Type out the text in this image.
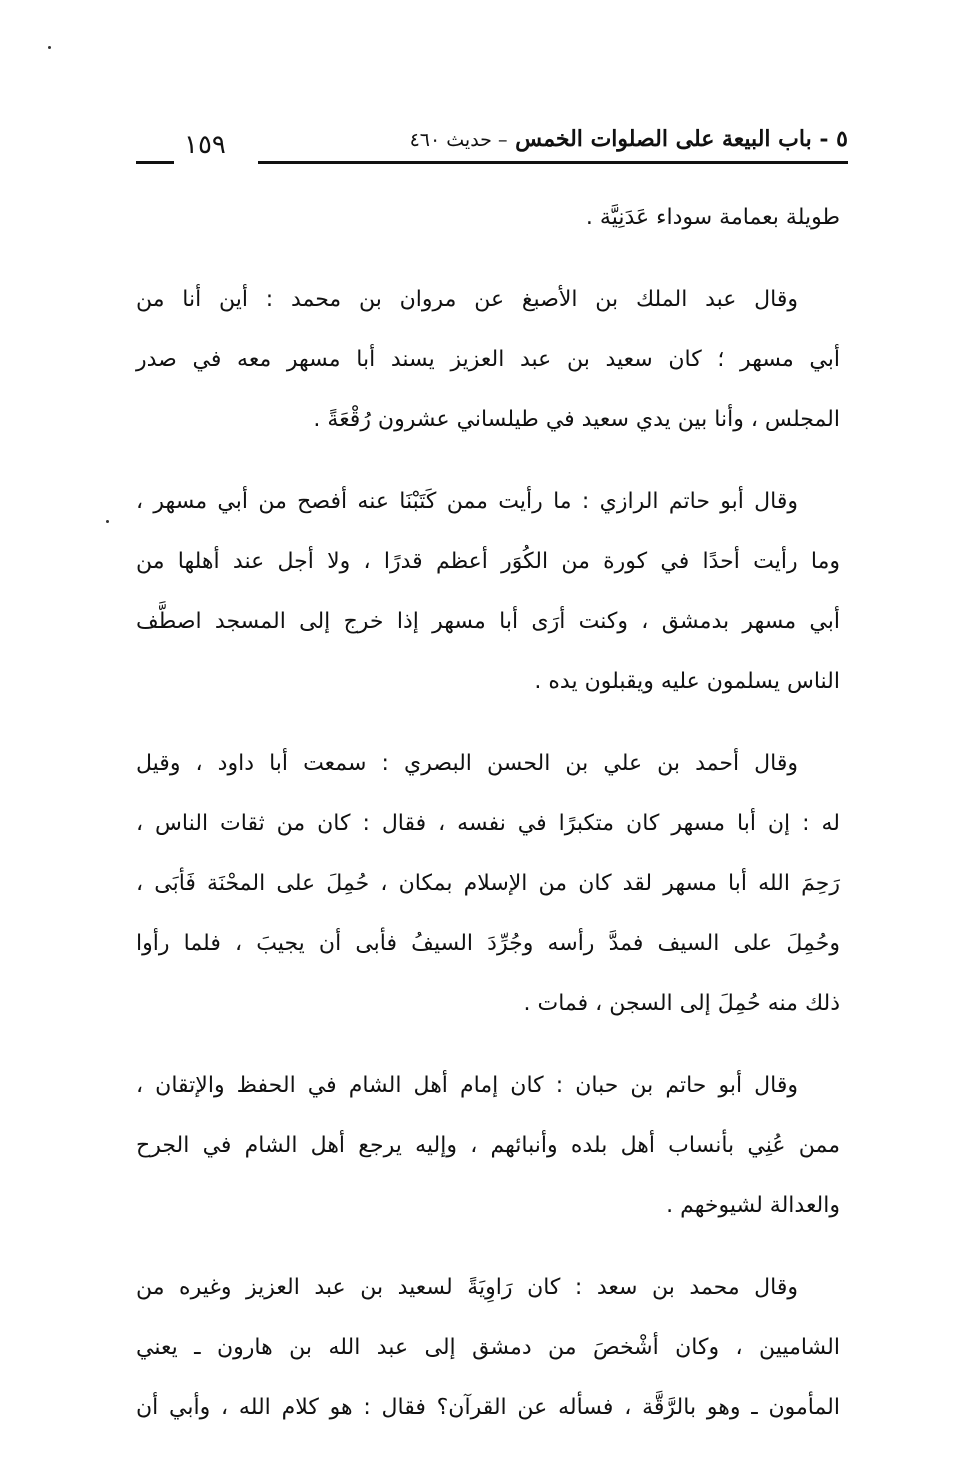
٥ - باب البيعة على الصلوات الخمس – حديث ٤٦٠
١٥٩

طويلة بعمامة سوداء عَدَنِيَّة .

وقال عبد الملك بن الأصبغ عن مروان بن محمد : أين أنا من
أبي مسهر ؛ كان سعيد بن عبد العزيز يسند أبا مسهر معه في صدر
المجلس ، وأنا بين يدي سعيد في طيلساني عشرون رُقْعَةً .

وقال أبو حاتم الرازي : ما رأيت ممن كَتَبْنَا عنه أفصح من أبي مسهر ،
وما رأيت أحدًا في كورة من الكُوَر أعظم قدرًا ، ولا أجل عند أهلها من
أبي مسهر بدمشق ، وكنت أرَى أبا مسهر إذا خرج إلى المسجد اصطَّف
الناس يسلمون عليه ويقبلون يده .

وقال أحمد بن علي بن الحسن البصري : سمعت أبا داود ، وقيل
له : إن أبا مسهر كان متكبرًا في نفسه ، فقال : كان من ثقات الناس ،
رَحِمَ الله أبا مسهر لقد كان من الإسلام بمكان ، حُمِلَ على المحْنَة فَأبَى ،
وحُمِلَ على السيف فمدَّ رأسه وجُرِّدَ السيفُ فأبى أن يجيبَ ، فلما رأوا
ذلك منه حُمِلَ إلى السجن ، فمات .

وقال أبو حاتم بن حبان : كان إمام أهل الشام في الحفظ والإتقان ،
ممن عُنِي بأنساب أهل بلده وأنبائهم ، وإليه يرجع أهل الشام في الجرح
والعدالة لشيوخهم .

وقال محمد بن سعد : كان رَاوِيَةً لسعيد بن عبد العزيز وغيره من
الشاميين ، وكان أشْخصَ من دمشق إلى عبد الله بن هارون ـ يعني
المأمون ـ وهو بالرَّقَّة ، فسأله عن القرآن؟ فقال : هو كلام الله ، وأبي أن
